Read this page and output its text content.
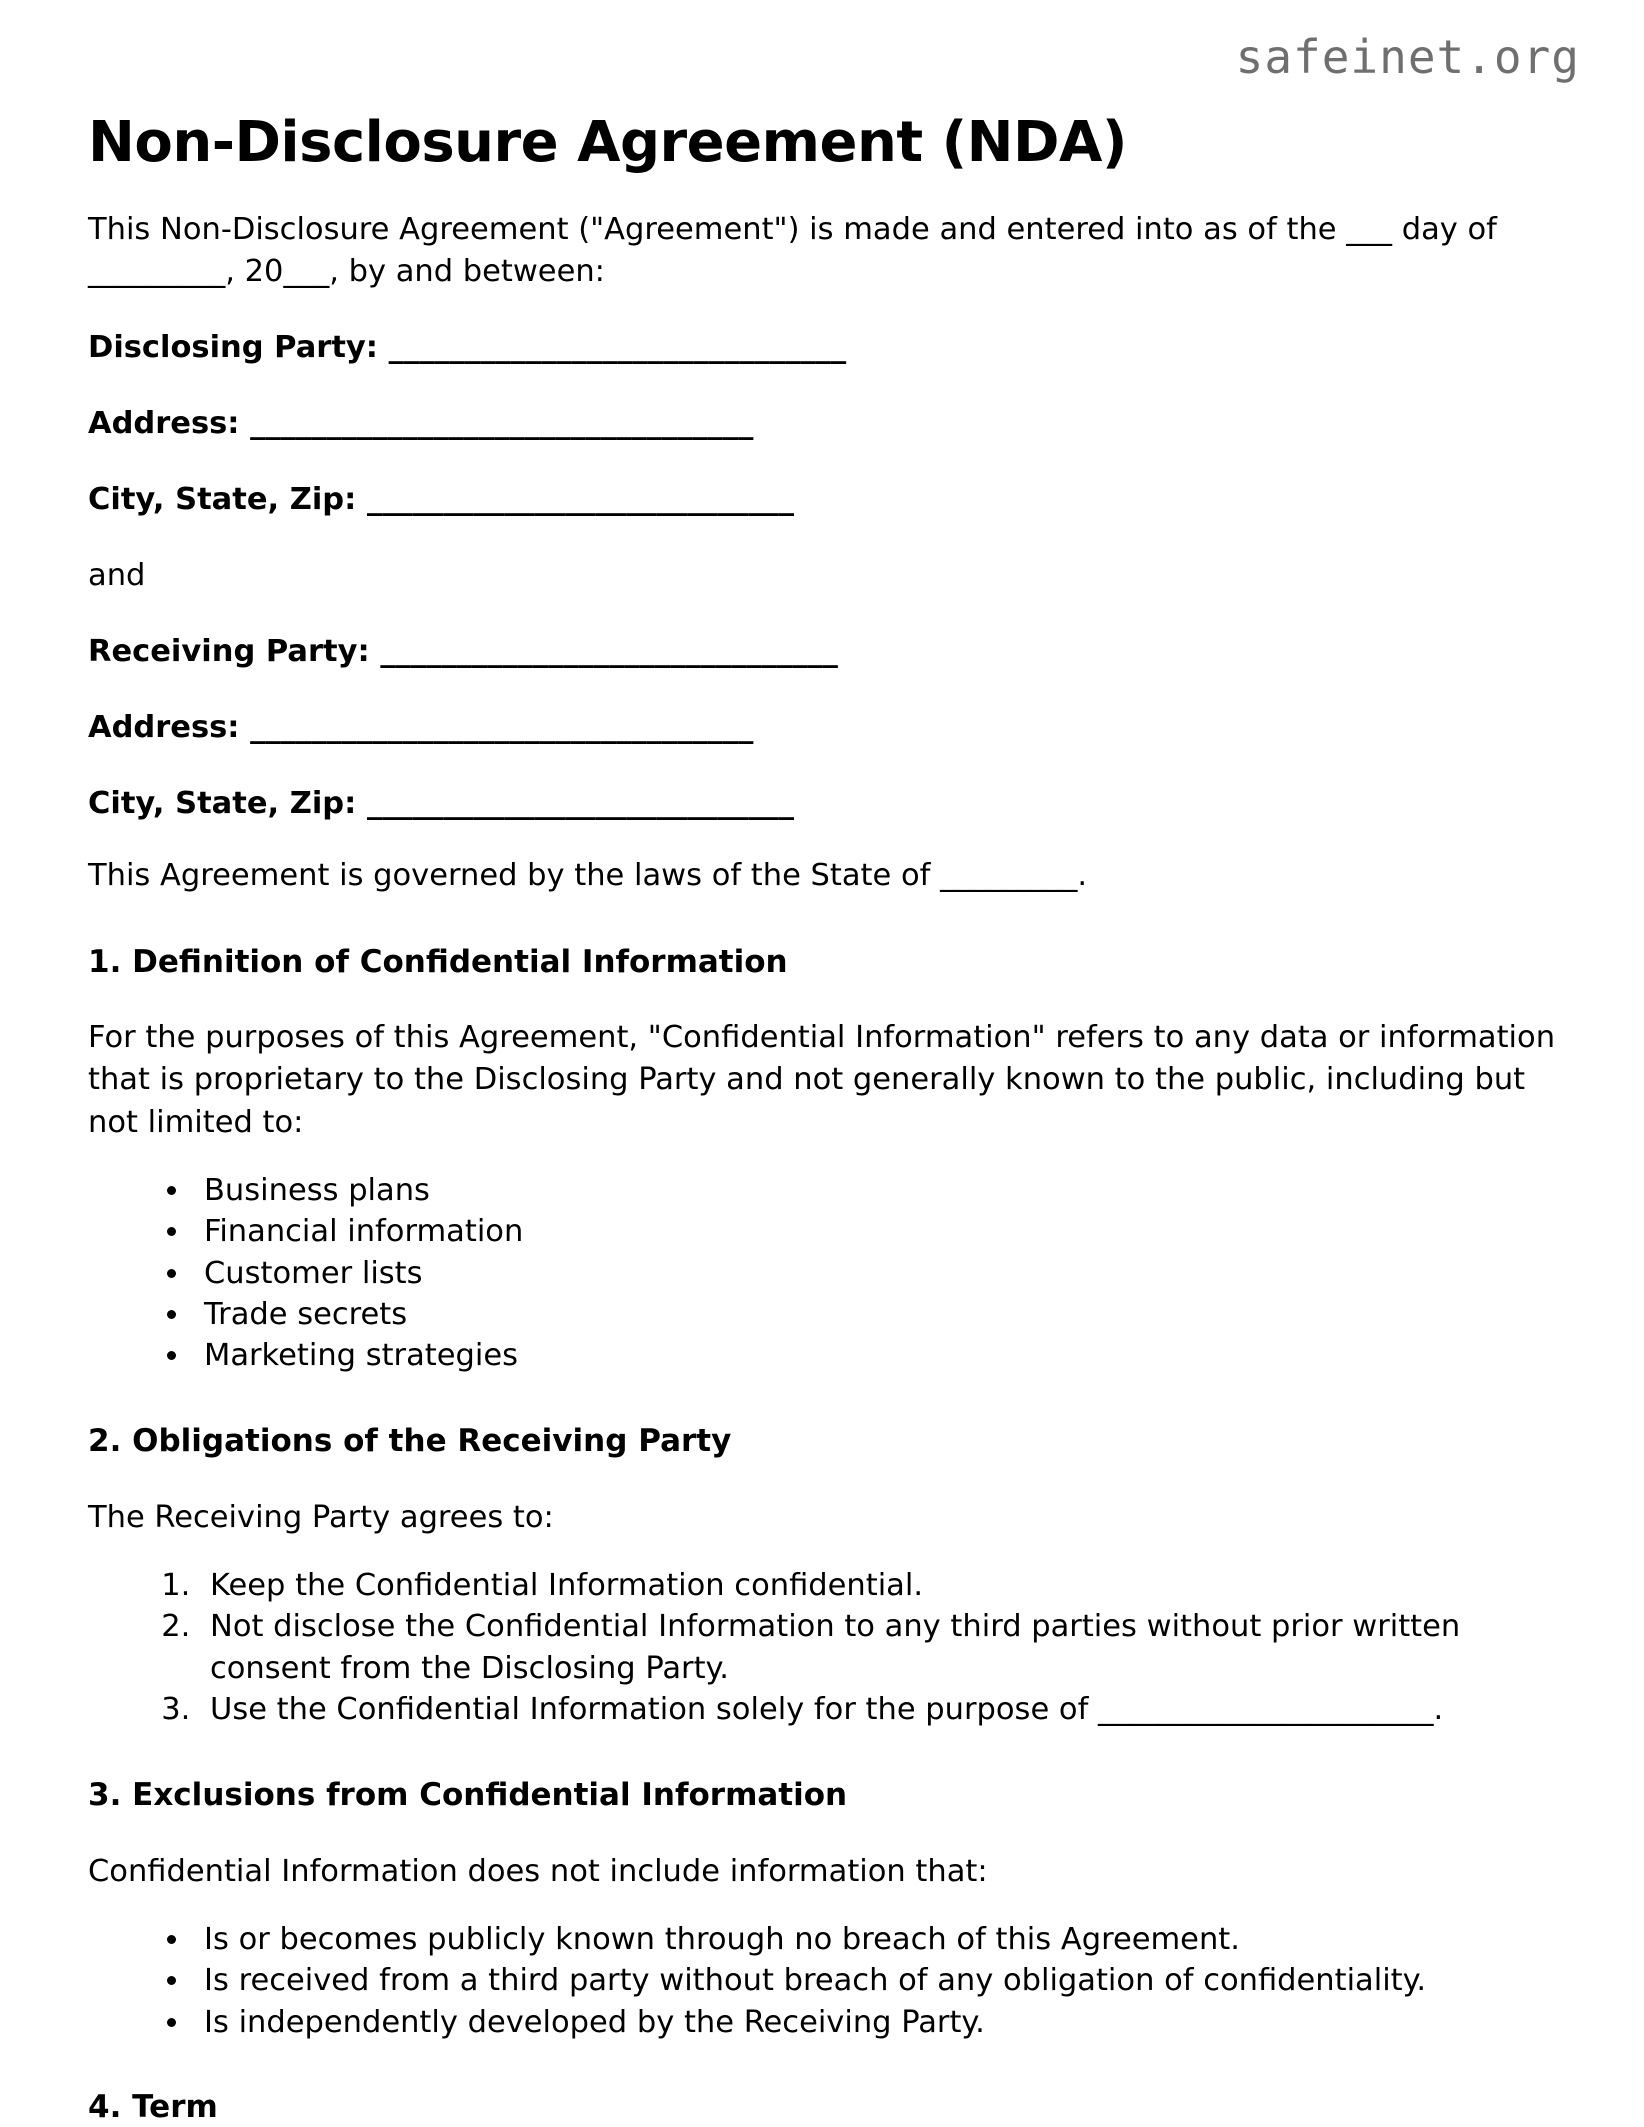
safeinet.org
Non-Disclosure Agreement (NDA)

This Non-Disclosure Agreement ("Agreement") is made and entered into as of the ___ day of _________, 20___, by and between:

Disclosing Party: ______________________________

Address: _________________________________

City, State, Zip: ____________________________

and

Receiving Party: ______________________________

Address: _________________________________

City, State, Zip: ____________________________

This Agreement is governed by the laws of the State of _________.

1. Definition of Confidential Information

For the purposes of this Agreement, "Confidential Information" refers to any data or information that is proprietary to the Disclosing Party and not generally known to the public, including but not limited to:

• Business plans
• Financial information
• Customer lists
• Trade secrets
• Marketing strategies
2. Obligations of the Receiving Party

The Receiving Party agrees to:

1. Keep the Confidential Information confidential.
2. Not disclose the Confidential Information to any third parties without prior written consent from the Disclosing Party.
3. Use the Confidential Information solely for the purpose of ______________________.
3. Exclusions from Confidential Information

Confidential Information does not include information that:

• Is or becomes publicly known through no breach of this Agreement.
• Is received from a third party without breach of any obligation of confidentiality.
• Is independently developed by the Receiving Party.
4. Term
